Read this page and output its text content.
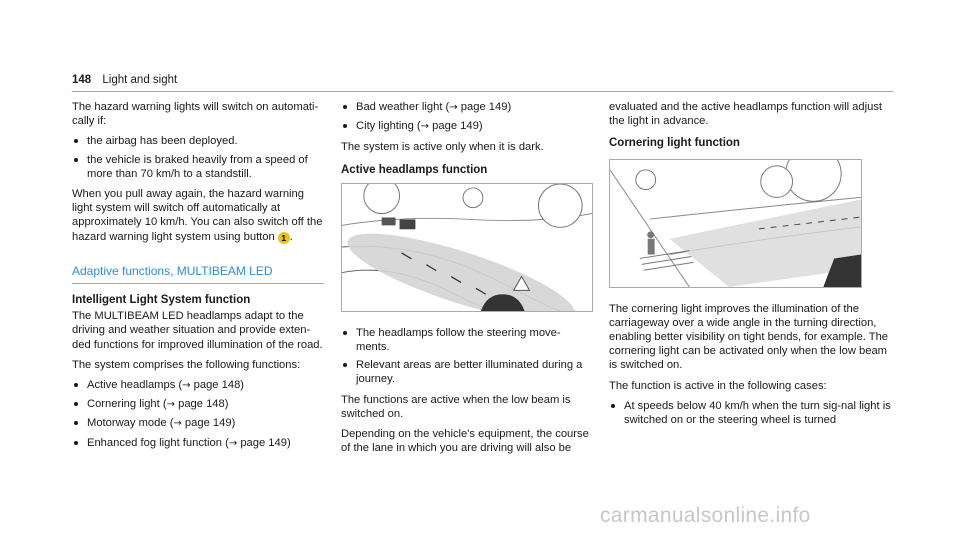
148 Light and sight

The hazard warning lights will switch on automati-cally if:

the airbag has been deployed.
the vehicle is braked heavily from a speed of more than 70 km/h to a standstill.

When you pull away again, the hazard warning light system will switch off automatically at approximately 10 km/h. You can also switch off the hazard warning light system using button 1 .

Adaptive functions, MULTIBEAM LED
Intelligent Light System function

The MULTIBEAM LED headlamps adapt to the driving and weather situation and provide exten-ded functions for improved illumination of the road.

The system comprises the following functions:

Active headlamps (→ page 148)
Cornering light (→ page 148)
Motorway mode (→ page 149)
Enhanced fog light function (→ page 149)
Bad weather light (→ page 149)
City lighting (→ page 149)

The system is active only when it is dark.

Active headlamps function
The headlamps follow the steering move-ments.
Relevant areas are better illuminated during a journey.

The functions are active when the low beam is switched on.

Depending on the vehicle's equipment, the course of the lane in which you are driving will also be

evaluated and the active headlamps function will adjust the light in advance.

Cornering light function

The cornering light improves the illumination of the carriageway over a wide angle in the turning direction, enabling better visibility on tight bends, for example. The cornering light can be activated only when the low beam is switched on.

The function is active in the following cases:

At speeds below 40 km/h when the turn sig-nal light is switched on or the steering wheel is turned
carmanualsonline.info
